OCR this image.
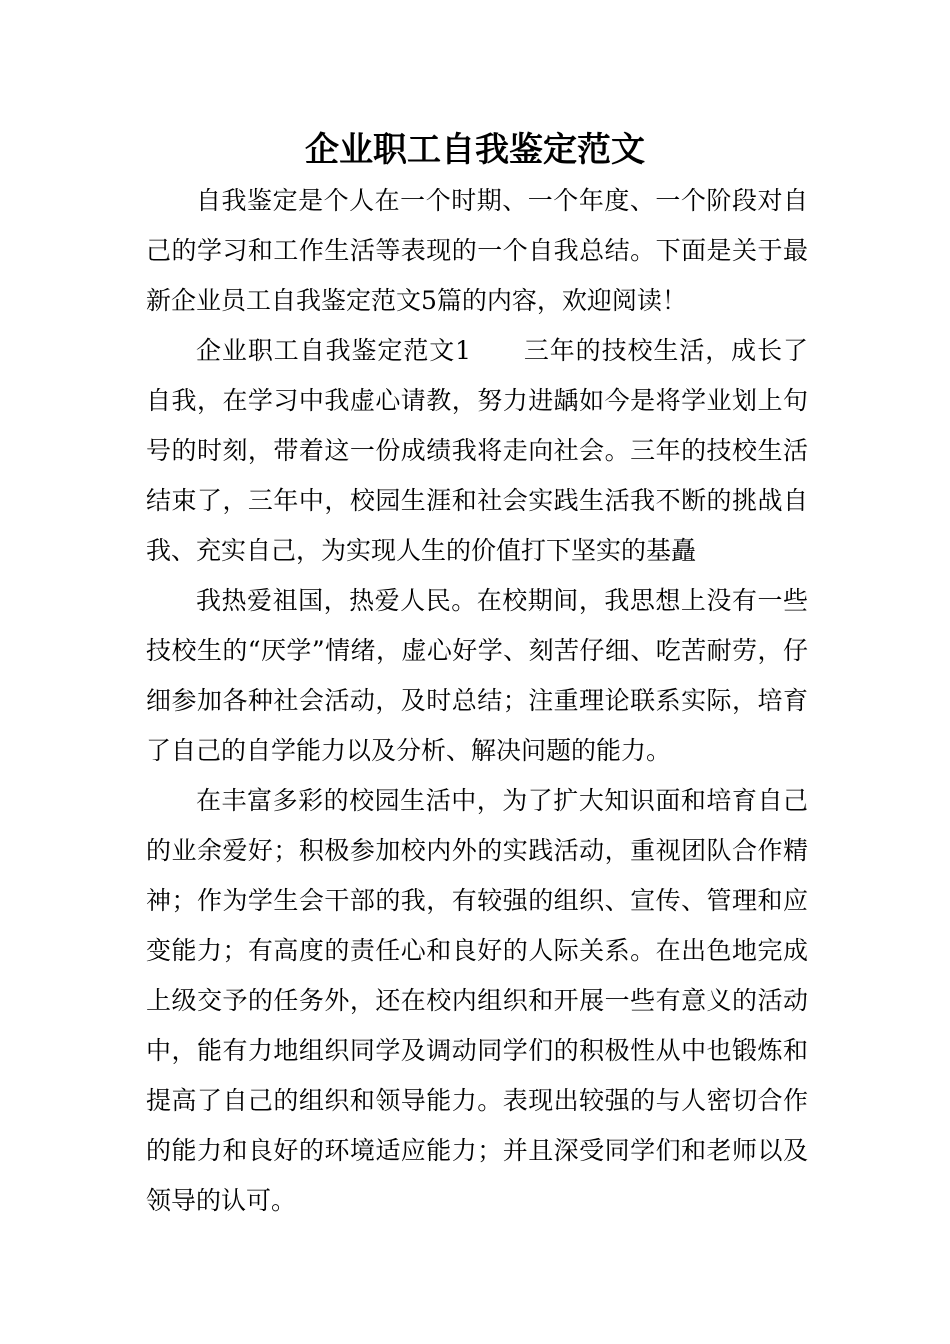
企业职工自我鉴定范文

自我鉴定是个人在一个时期、一个年度、一个阶段对自己的学习和工作生活等表现的一个自我总结。下面是关于最新企业员工自我鉴定范文5篇的内容，欢迎阅读！

企业职工自我鉴定范文1　　三年的技校生活，成长了自我，在学习中我虚心请教，努力进龋如今是将学业划上句号的时刻，带着这一份成绩我将走向社会。三年的技校生活结束了，三年中，校园生涯和社会实践生活我不断的挑战自我、充实自己，为实现人生的价值打下坚实的基矗

我热爱祖国，热爱人民。在校期间，我思想上没有一些技校生的“厌学”情绪，虚心好学、刻苦仔细、吃苦耐劳，仔细参加各种社会活动，及时总结；注重理论联系实际，培育了自己的自学能力以及分析、解决问题的能力。

在丰富多彩的校园生活中，为了扩大知识面和培育自己的业余爱好；积极参加校内外的实践活动，重视团队合作精神；作为学生会干部的我，有较强的组织、宣传、管理和应变能力；有高度的责任心和良好的人际关系。在出色地完成上级交予的任务外，还在校内组织和开展一些有意义的活动中，能有力地组织同学及调动同学们的积极性从中也锻炼和提高了自己的组织和领导能力。表现出较强的与人密切合作的能力和良好的环境适应能力；并且深受同学们和老师以及领导的认可。
